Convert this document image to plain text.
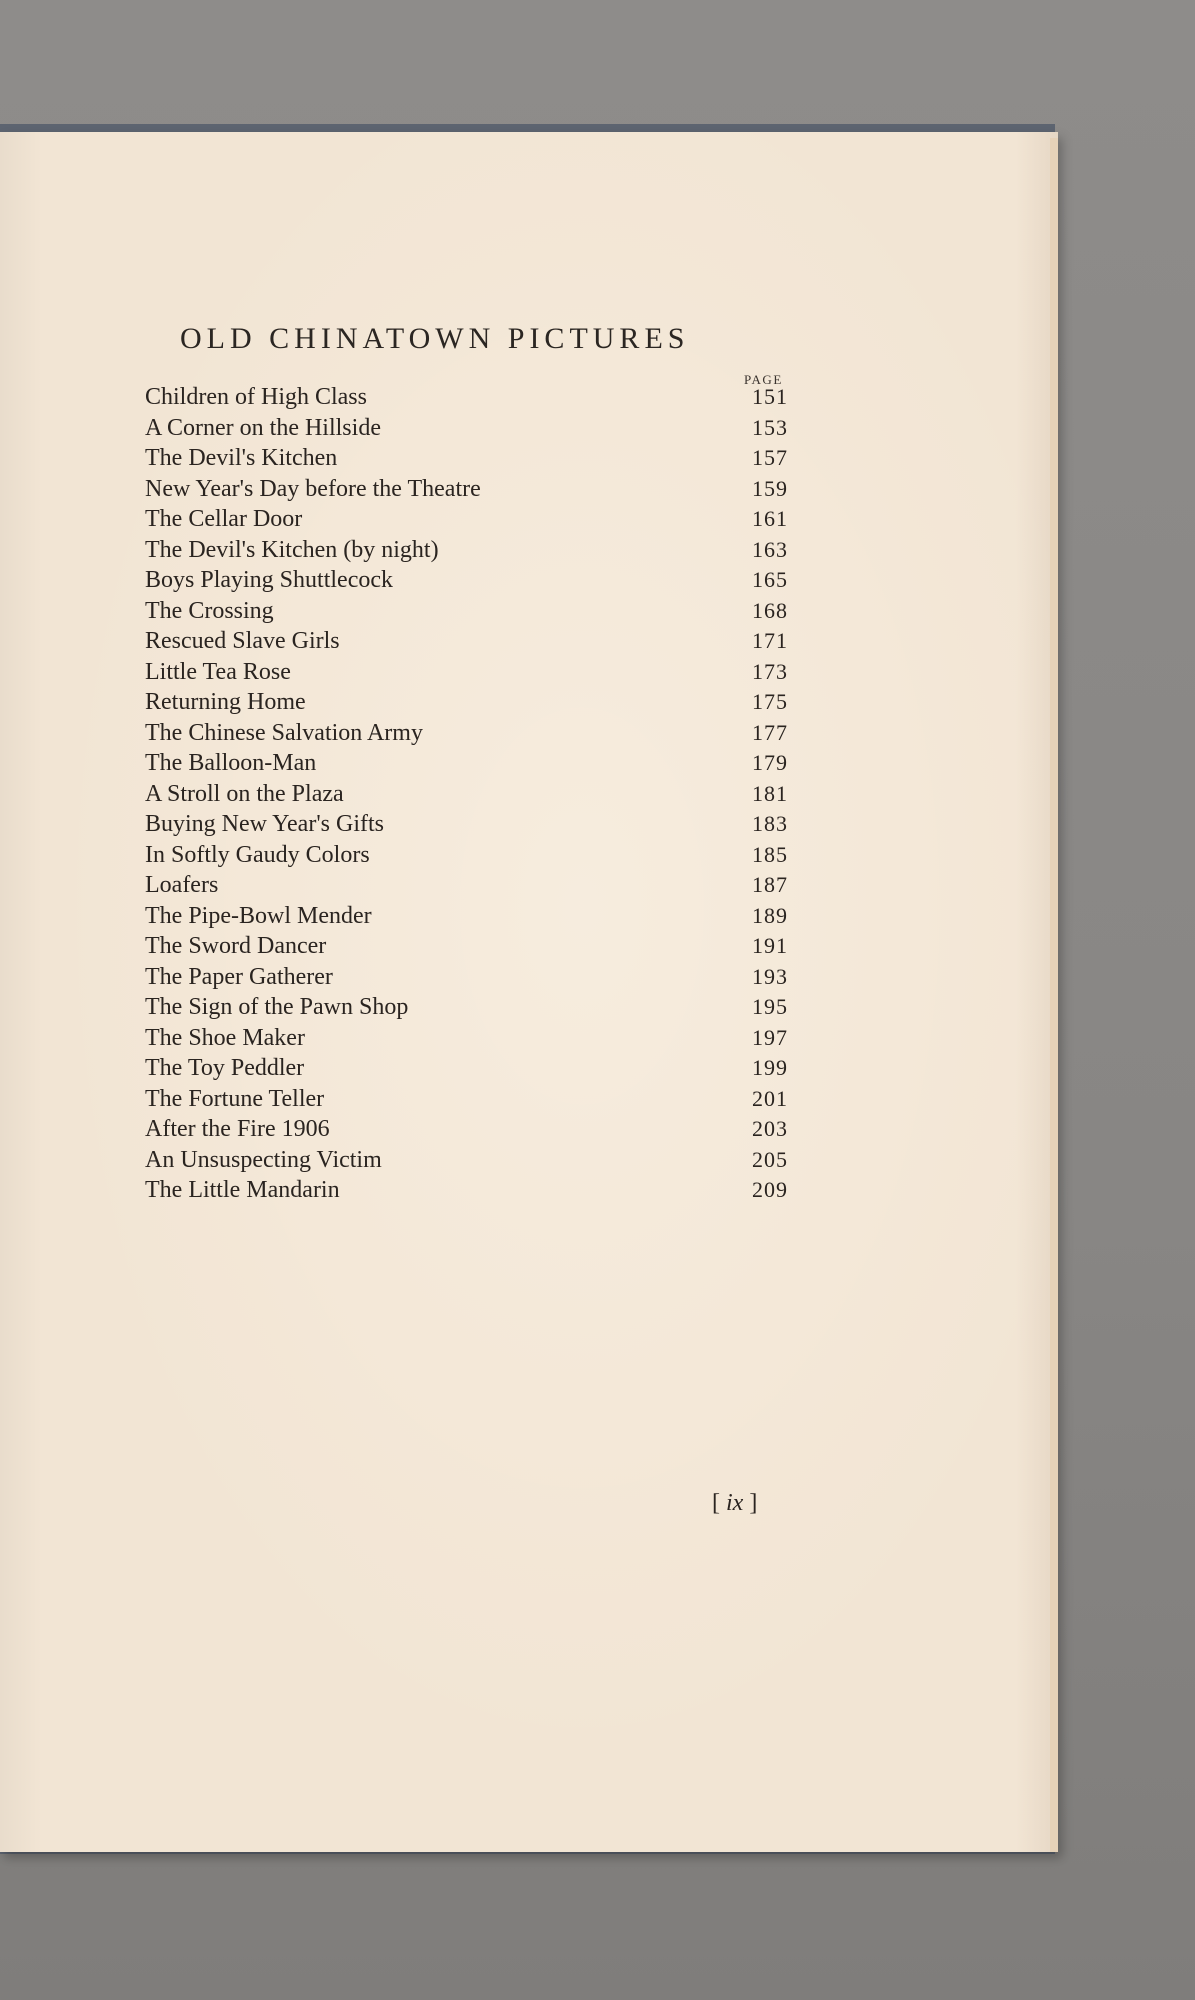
OLD CHINATOWN PICTURES
PAGE
Children of High Class	151
A Corner on the Hillside	153
The Devil's Kitchen	157
New Year's Day before the Theatre	159
The Cellar Door	161
The Devil's Kitchen (by night)	163
Boys Playing Shuttlecock	165
The Crossing	168
Rescued Slave Girls	171
Little Tea Rose	173
Returning Home	175
The Chinese Salvation Army	177
The Balloon-Man	179
A Stroll on the Plaza	181
Buying New Year's Gifts	183
In Softly Gaudy Colors	185
Loafers	187
The Pipe-Bowl Mender	189
The Sword Dancer	191
The Paper Gatherer	193
The Sign of the Pawn Shop	195
The Shoe Maker	197
The Toy Peddler	199
The Fortune Teller	201
After the Fire 1906	203
An Unsuspecting Victim	205
The Little Mandarin	209
[ ix ]
